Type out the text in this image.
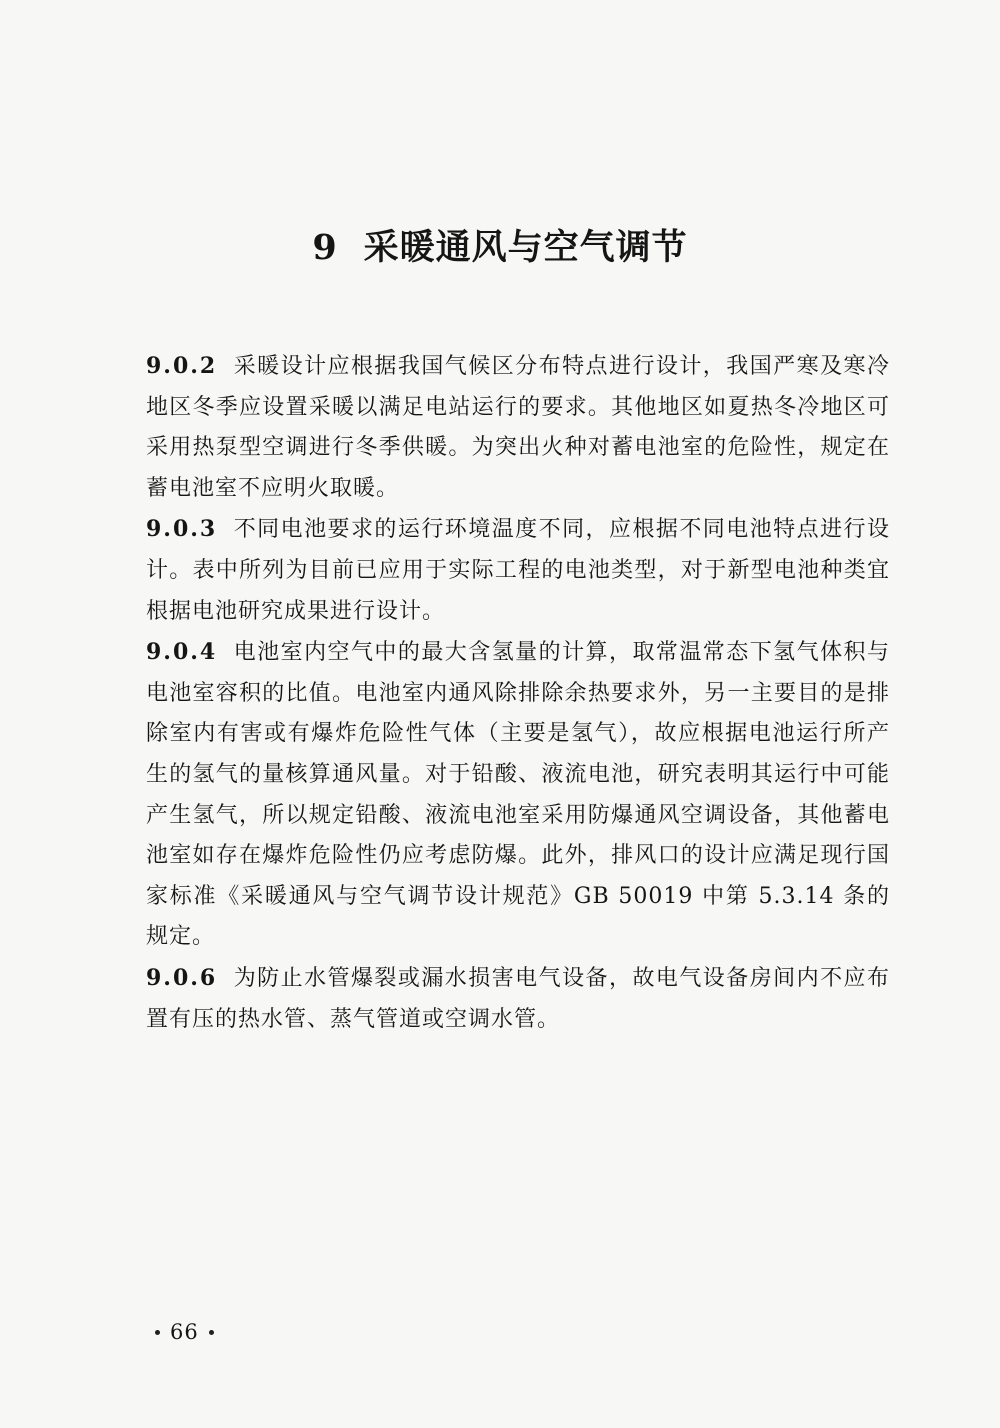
9 采暖通风与空气调节

9.0.2 采暖设计应根据我国气候区分布特点进行设计，我国严寒及寒冷地区冬季应设置采暖以满足电站运行的要求。其他地区如夏热冬冷地区可采用热泵型空调进行冬季供暖。为突出火种对蓄电池室的危险性，规定在蓄电池室不应明火取暖。

9.0.3 不同电池要求的运行环境温度不同，应根据不同电池特点进行设计。表中所列为目前已应用于实际工程的电池类型，对于新型电池种类宜根据电池研究成果进行设计。

9.0.4 电池室内空气中的最大含氢量的计算，取常温常态下氢气体积与电池室容积的比值。电池室内通风除排除余热要求外，另一主要目的是排除室内有害或有爆炸危险性气体（主要是氢气），故应根据电池运行所产生的氢气的量核算通风量。对于铅酸、液流电池，研究表明其运行中可能产生氢气，所以规定铅酸、液流电池室采用防爆通风空调设备，其他蓄电池室如存在爆炸危险性仍应考虑防爆。此外，排风口的设计应满足现行国家标准《采暖通风与空气调节设计规范》GB 50019 中第 5.3.14 条的规定。

9.0.6 为防止水管爆裂或漏水损害电气设备，故电气设备房间内不应布置有压的热水管、蒸气管道或空调水管。

66
